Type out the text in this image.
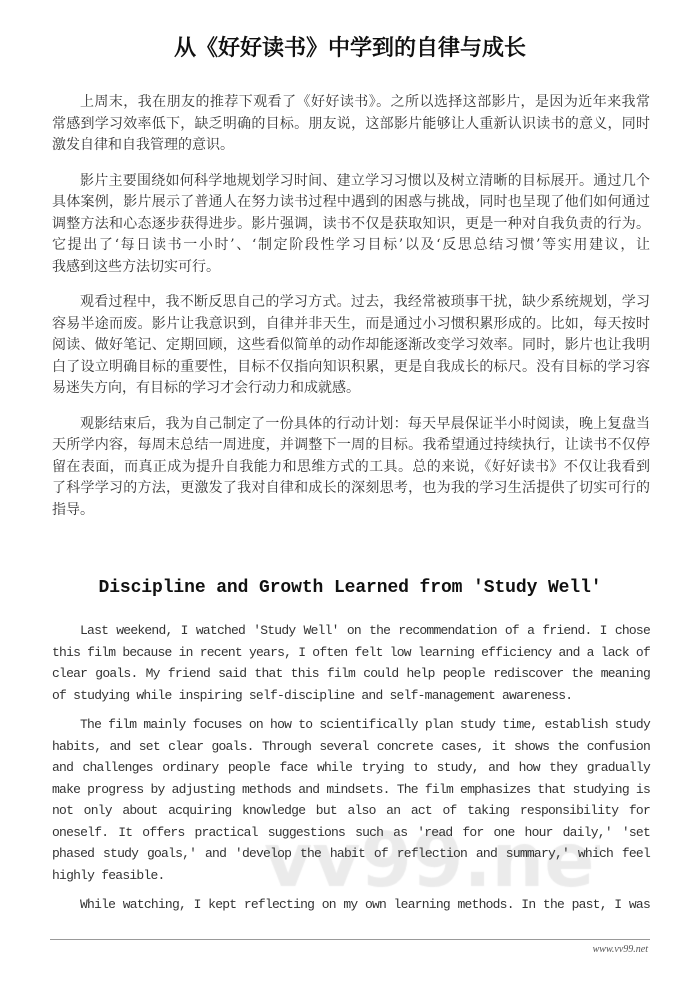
从《好好读书》中学到的自律与成长
上周末，我在朋友的推荐下观看了《好好读书》。之所以选择这部影片，是因为近年来我常
常感到学习效率低下，缺乏明确的目标。朋友说，这部影片能够让人重新认识读书的意义，同时
激发自律和自我管理的意识。
影片主要围绕如何科学地规划学习时间、建立学习习惯以及树立清晰的目标展开。通过几个
具体案例，影片展示了普通人在努力读书过程中遇到的困惑与挑战，同时也呈现了他们如何通过
调整方法和心态逐步获得进步。影片强调，读书不仅是获取知识，更是一种对自我负责的行为。
它提出了‘每日读书一小时’、‘制定阶段性学习目标’以及‘反思总结习惯’等实用建议，让
我感到这些方法切实可行。
观看过程中，我不断反思自己的学习方式。过去，我经常被琐事干扰，缺少系统规划，学习
容易半途而废。影片让我意识到，自律并非天生，而是通过小习惯积累形成的。比如，每天按时
阅读、做好笔记、定期回顾，这些看似简单的动作却能逐渐改变学习效率。同时，影片也让我明
白了设立明确目标的重要性，目标不仅指向知识积累，更是自我成长的标尺。没有目标的学习容
易迷失方向，有目标的学习才会行动力和成就感。
观影结束后，我为自己制定了一份具体的行动计划：每天早晨保证半小时阅读，晚上复盘当
天所学内容，每周末总结一周进度，并调整下一周的目标。我希望通过持续执行，让读书不仅停
留在表面，而真正成为提升自我能力和思维方式的工具。总的来说，《好好读书》不仅让我看到
了科学学习的方法，更激发了我对自律和成长的深刻思考，也为我的学习生活提供了切实可行的
指导。
Discipline and Growth Learned from 'Study Well'
Last weekend, I watched 'Study Well' on the recommendation of a friend. I chose
this film because in recent years, I often felt low learning efficiency and a lack of
clear goals. My friend said that this film could help people rediscover the meaning
of studying while inspiring self-discipline and self-management awareness.
The film mainly focuses on how to scientifically plan study time, establish study
habits, and set clear goals. Through several concrete cases, it shows the confusion
and challenges ordinary people face while trying to study, and how they gradually
make progress by adjusting methods and mindsets. The film emphasizes that studying is
not only about acquiring knowledge but also an act of taking responsibility for
oneself. It offers practical suggestions such as 'read for one hour daily,' 'set
phased study goals,' and 'develop the habit of reflection and summary,' which feel
highly feasible.
While watching, I kept reflecting on my own learning methods. In the past, I was
www.vv99.net
